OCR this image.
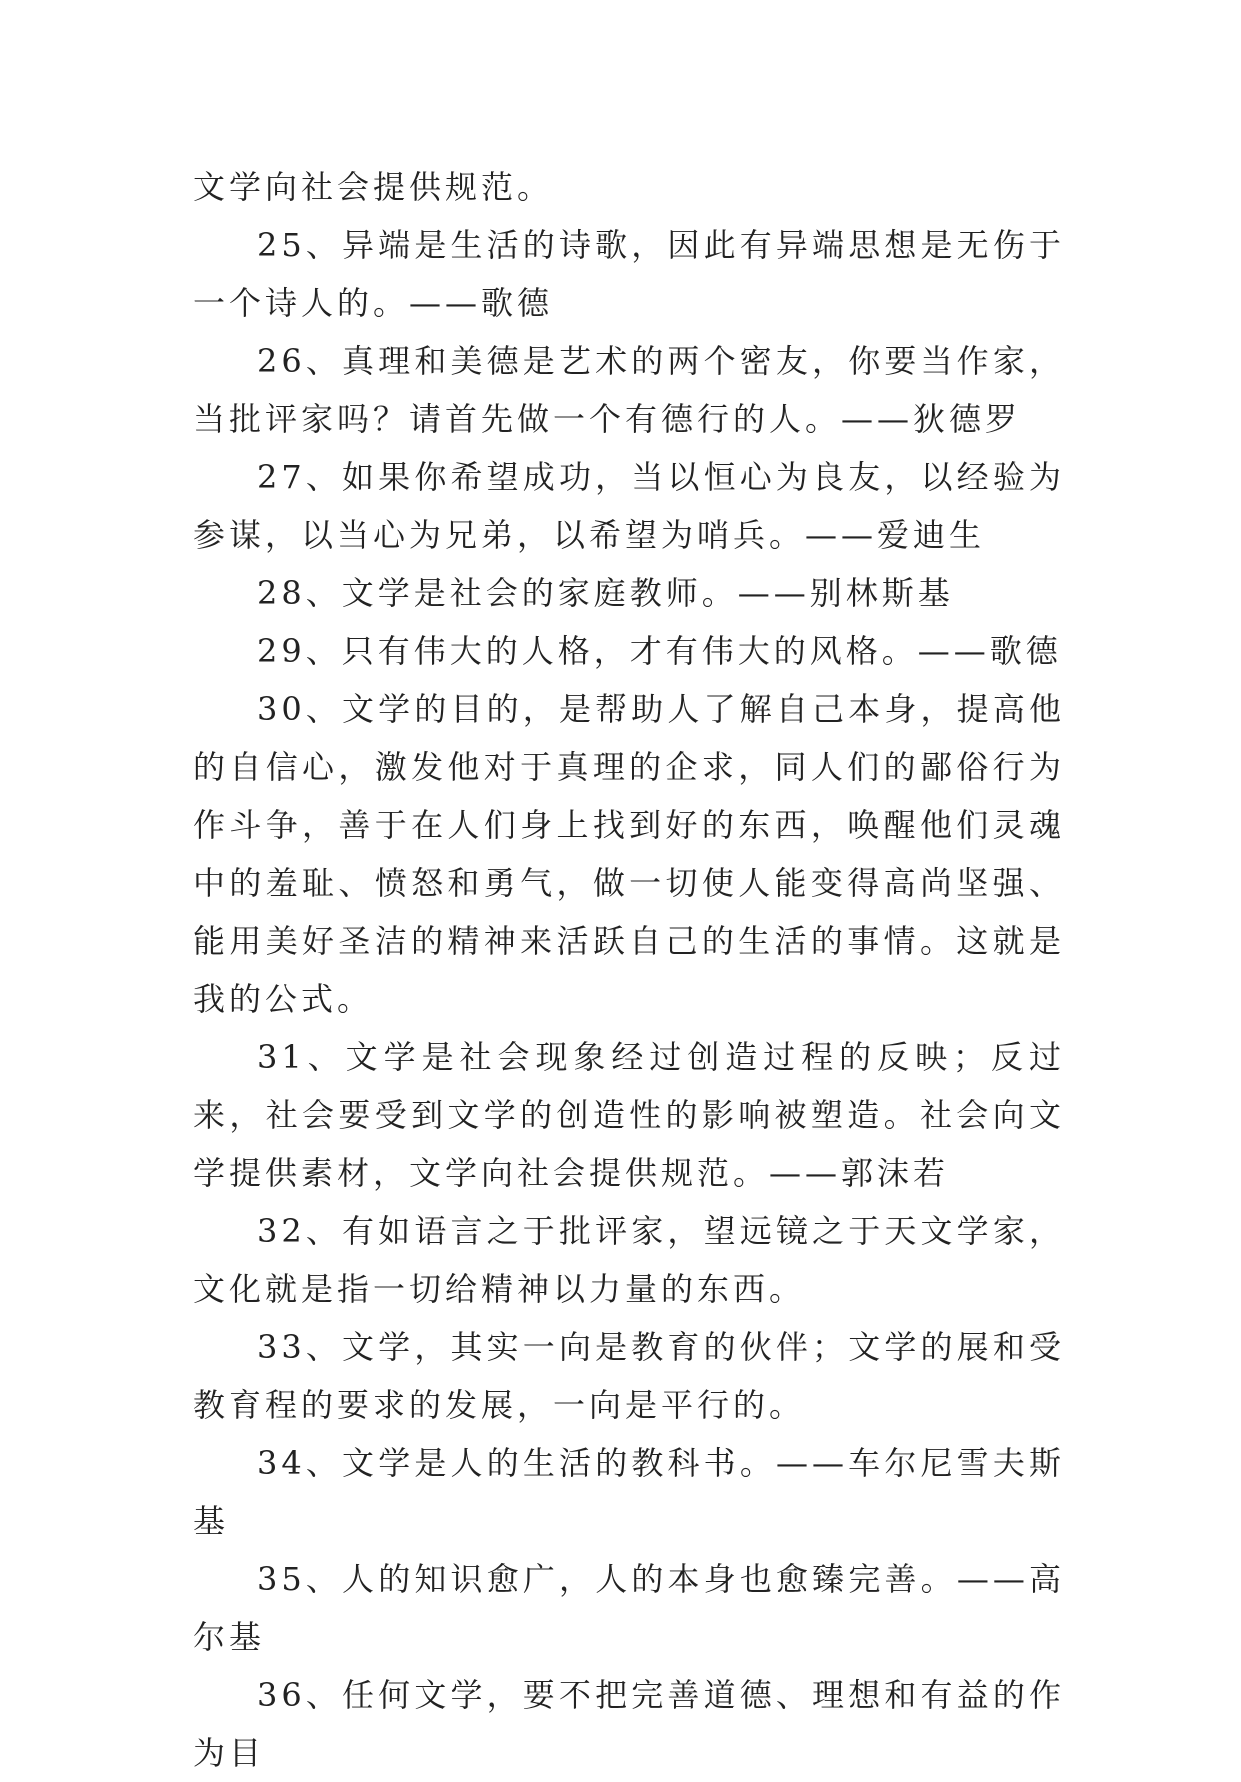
文学向社会提供规范。

25、异端是生活的诗歌，因此有异端思想是无伤于一个诗人的。——歌德

26、真理和美德是艺术的两个密友，你要当作家，当批评家吗？请首先做一个有德行的人。——狄德罗

27、如果你希望成功，当以恒心为良友，以经验为参谋，以当心为兄弟，以希望为哨兵。——爱迪生

28、文学是社会的家庭教师。——别林斯基

29、只有伟大的人格，才有伟大的风格。——歌德

30、文学的目的，是帮助人了解自己本身，提高他的自信心，激发他对于真理的企求，同人们的鄙俗行为作斗争，善于在人们身上找到好的东西，唤醒他们灵魂中的羞耻、愤怒和勇气，做一切使人能变得高尚坚强、能用美好圣洁的精神来活跃自己的生活的事情。这就是我的公式。

31、文学是社会现象经过创造过程的反映；反过来，社会要受到文学的创造性的影响被塑造。社会向文学提供素材，文学向社会提供规范。——郭沫若

32、有如语言之于批评家，望远镜之于天文学家，文化就是指一切给精神以力量的东西。

33、文学，其实一向是教育的伙伴；文学的展和受教育程的要求的发展，一向是平行的。

34、文学是人的生活的教科书。——车尔尼雪夫斯基

35、人的知识愈广，人的本身也愈臻完善。——高尔基

36、任何文学，要不把完善道德、理想和有益的作为目
